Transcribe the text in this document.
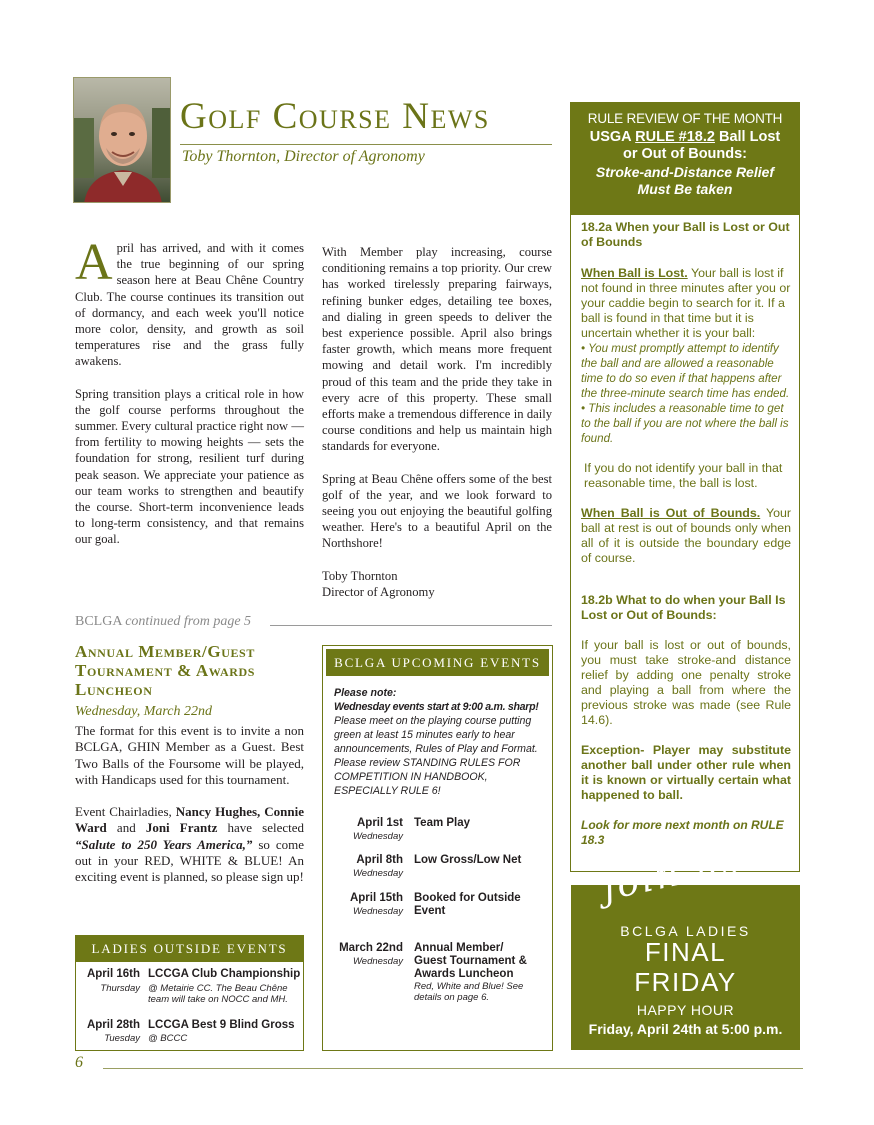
Golf Course News
Toby Thornton, Director of Agronomy

April has arrived, and with it comes the true beginning of our spring season here at Beau Chêne Country Club. The course continues its transition out of dormancy, and each week you'll notice more color, density, and growth as soil temperatures rise and the grass fully awakens.

Spring transition plays a critical role in how the golf course performs throughout the summer. Every cultural practice right now — from fertility to mowing heights — sets the foundation for strong, resilient turf during peak season. We appreciate your patience as our team works to strengthen and beautify the course. Short-term inconvenience leads to long-term consistency, and that remains our goal.

With Member play increasing, course conditioning remains a top priority. Our crew has worked tirelessly preparing fairways, refining bunker edges, detailing tee boxes, and dialing in green speeds to deliver the best experience possible. April also brings faster growth, which means more frequent mowing and detail work. I'm incredibly proud of this team and the pride they take in every acre of this property. These small efforts make a tremendous difference in daily course conditions and help us maintain high standards for everyone.

Spring at Beau Chêne offers some of the best golf of the year, and we look forward to seeing you out enjoying the beautiful golfing weather. Here's to a beautiful April on the Northshore!

Toby Thornton
Director of Agronomy
BCLGA continued from page 5
Annual Member/Guest Tournament & Awards Luncheon
Wednesday, March 22nd

The format for this event is to invite a non BCLGA, GHIN Member as a Guest. Best Two Balls of the Foursome will be played, with Handicaps used for this tournament.

Event Chairladies, Nancy Hughes, Connie Ward and Joni Frantz have selected “Salute to 250 Years America,” so come out in your RED, WHITE & BLUE! An exciting event is planned, so please sign up!

LADIES OUTSIDE EVENTS
April 16th
Thursday
LCCGA Club Championship
@ Metairie CC. The Beau Chêne team will take on NOCC and MH.
April 28th
Tuesday
LCCGA Best 9 Blind Gross
@ BCCC
BCLGA UPCOMING EVENTS
Please note:
Wednesday events start at 9:00 a.m. sharp!
Please meet on the playing course putting green at least 15 minutes early to hear announcements, Rules of Play and Format. Please review STANDING RULES FOR COMPETITION IN HANDBOOK, ESPECIALLY RULE 6!
April 1st
Wednesday
Team Play
April 8th
Wednesday
Low Gross/Low Net
April 15th
Wednesday
Booked for Outside Event
March 22nd
Wednesday
Annual Member/ Guest Tournament & Awards Luncheon
Red, White and Blue! See details on page 6.
RULE REVIEW OF THE MONTH
USGA RULE #18.2 Ball Lost
or Out of Bounds:
Stroke-and-Distance Relief
Must Be taken
18.2a When your Ball is Lost or Out of Bounds
When Ball is Lost. Your ball is lost if not found in three minutes after you or your caddie begin to search for it. If a ball is found in that time but it is uncertain whether it is your ball:
• You must promptly attempt to identify the ball and are allowed a reasonable time to do so even if that happens after the three-minute search time has ended.
• This includes a reasonable time to get to the ball if you are not where the ball is found.
If you do not identify your ball in that reasonable time, the ball is lost.
When Ball is Out of Bounds. Your ball at rest is out of bounds only when all of it is outside the boundary edge of course.
18.2b What to do when your Ball Is Lost or Out of Bounds:
If your ball is lost or out of bounds, you must take stroke-and distance relief by adding one penalty stroke and playing a ball from where the previous stroke was made (see Rule 14.6).
Exception- Player may substitute another ball under other rule when it is known or virtually certain what happened to ball.
Look for more next month on RULE 18.3
join us!
BCLGA LADIES
FINAL
FRIDAY
HAPPY HOUR
Friday, April 24th at 5:00 p.m.
6
